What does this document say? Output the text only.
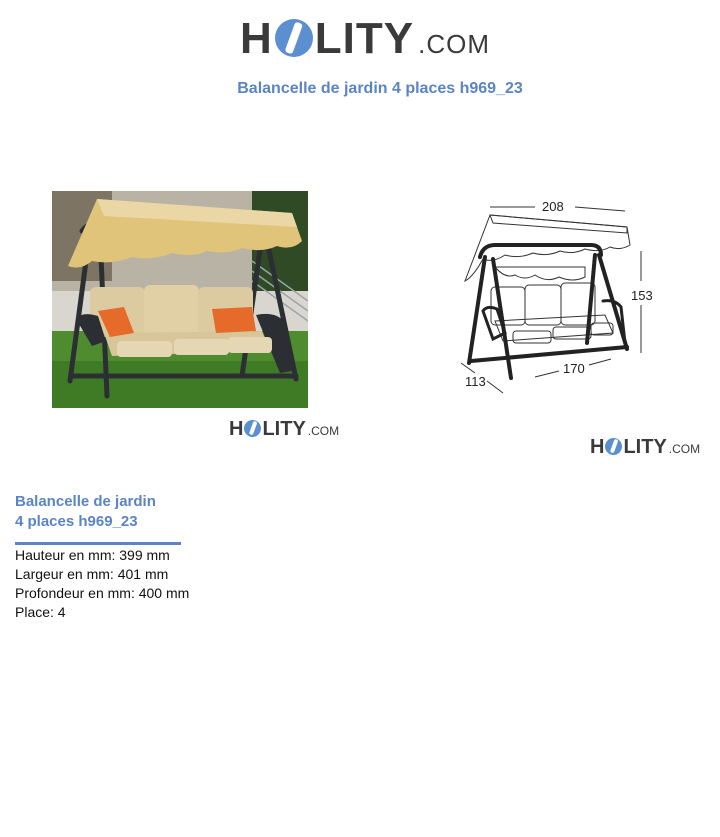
H LITY .COM
Balancelle de jardin 4 places h969_23
H LITY .COM
208
153
170
113
H LITY .COM
Balancelle de jardin
4 places h969_23
Hauteur en mm: 399 mm
Largeur en mm: 401 mm
Profondeur en mm: 400 mm
Place: 4
